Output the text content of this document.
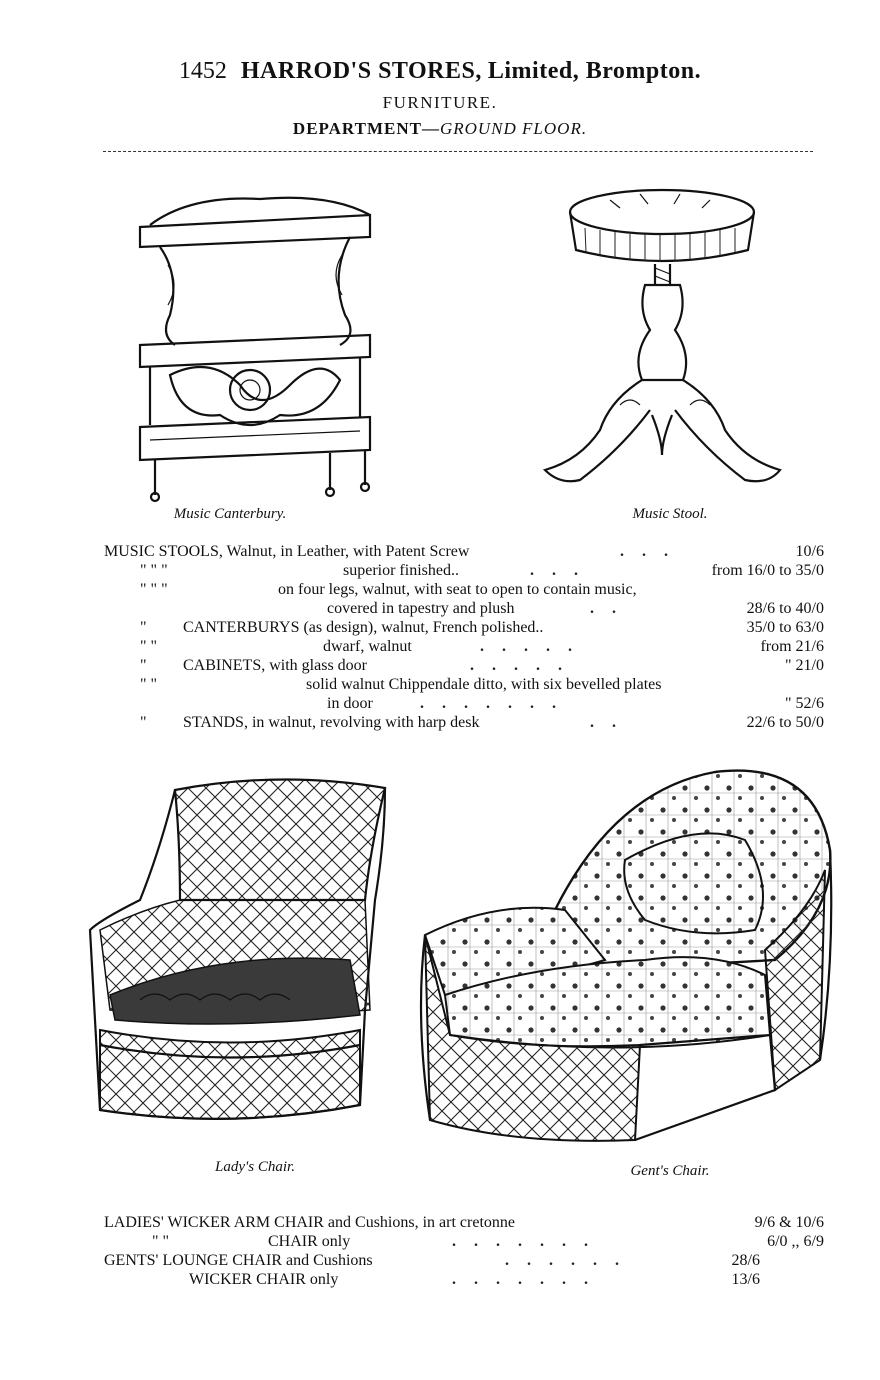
1452 HARROD'S STORES, Limited, Brompton.
FURNITURE.
DEPARTMENT—GROUND FLOOR.
Music Canterbury.	Music Stool.
MUSIC STOOLS, Walnut, in Leather, with Patent Screw	...	10/6
" " "	superior finished..	...	from 16/0 to 35/0
" " "	on four legs, walnut, with seat to open to contain music,
covered in tapestry and plush	..	28/6 to 40/0
" CANTERBURYS (as design), walnut, French polished..	35/0 to 63/0
" "	dwarf, walnut	.....	from 21/6
" CABINETS, with glass door	.....	" 21/0
" "	solid walnut Chippendale ditto, with six bevelled plates
in door	.......	" 52/6
" STANDS, in walnut, revolving with harp desk	..	22/6 to 50/0
Lady's Chair.	Gent's Chair.
LADIES' WICKER ARM CHAIR and Cushions, in art cretonne	9/6 & 10/6
" "	CHAIR only	.......	6/0 ,, 6/9
GENTS' LOUNGE CHAIR and Cushions	......	28/6
WICKER CHAIR only	.......	13/6
